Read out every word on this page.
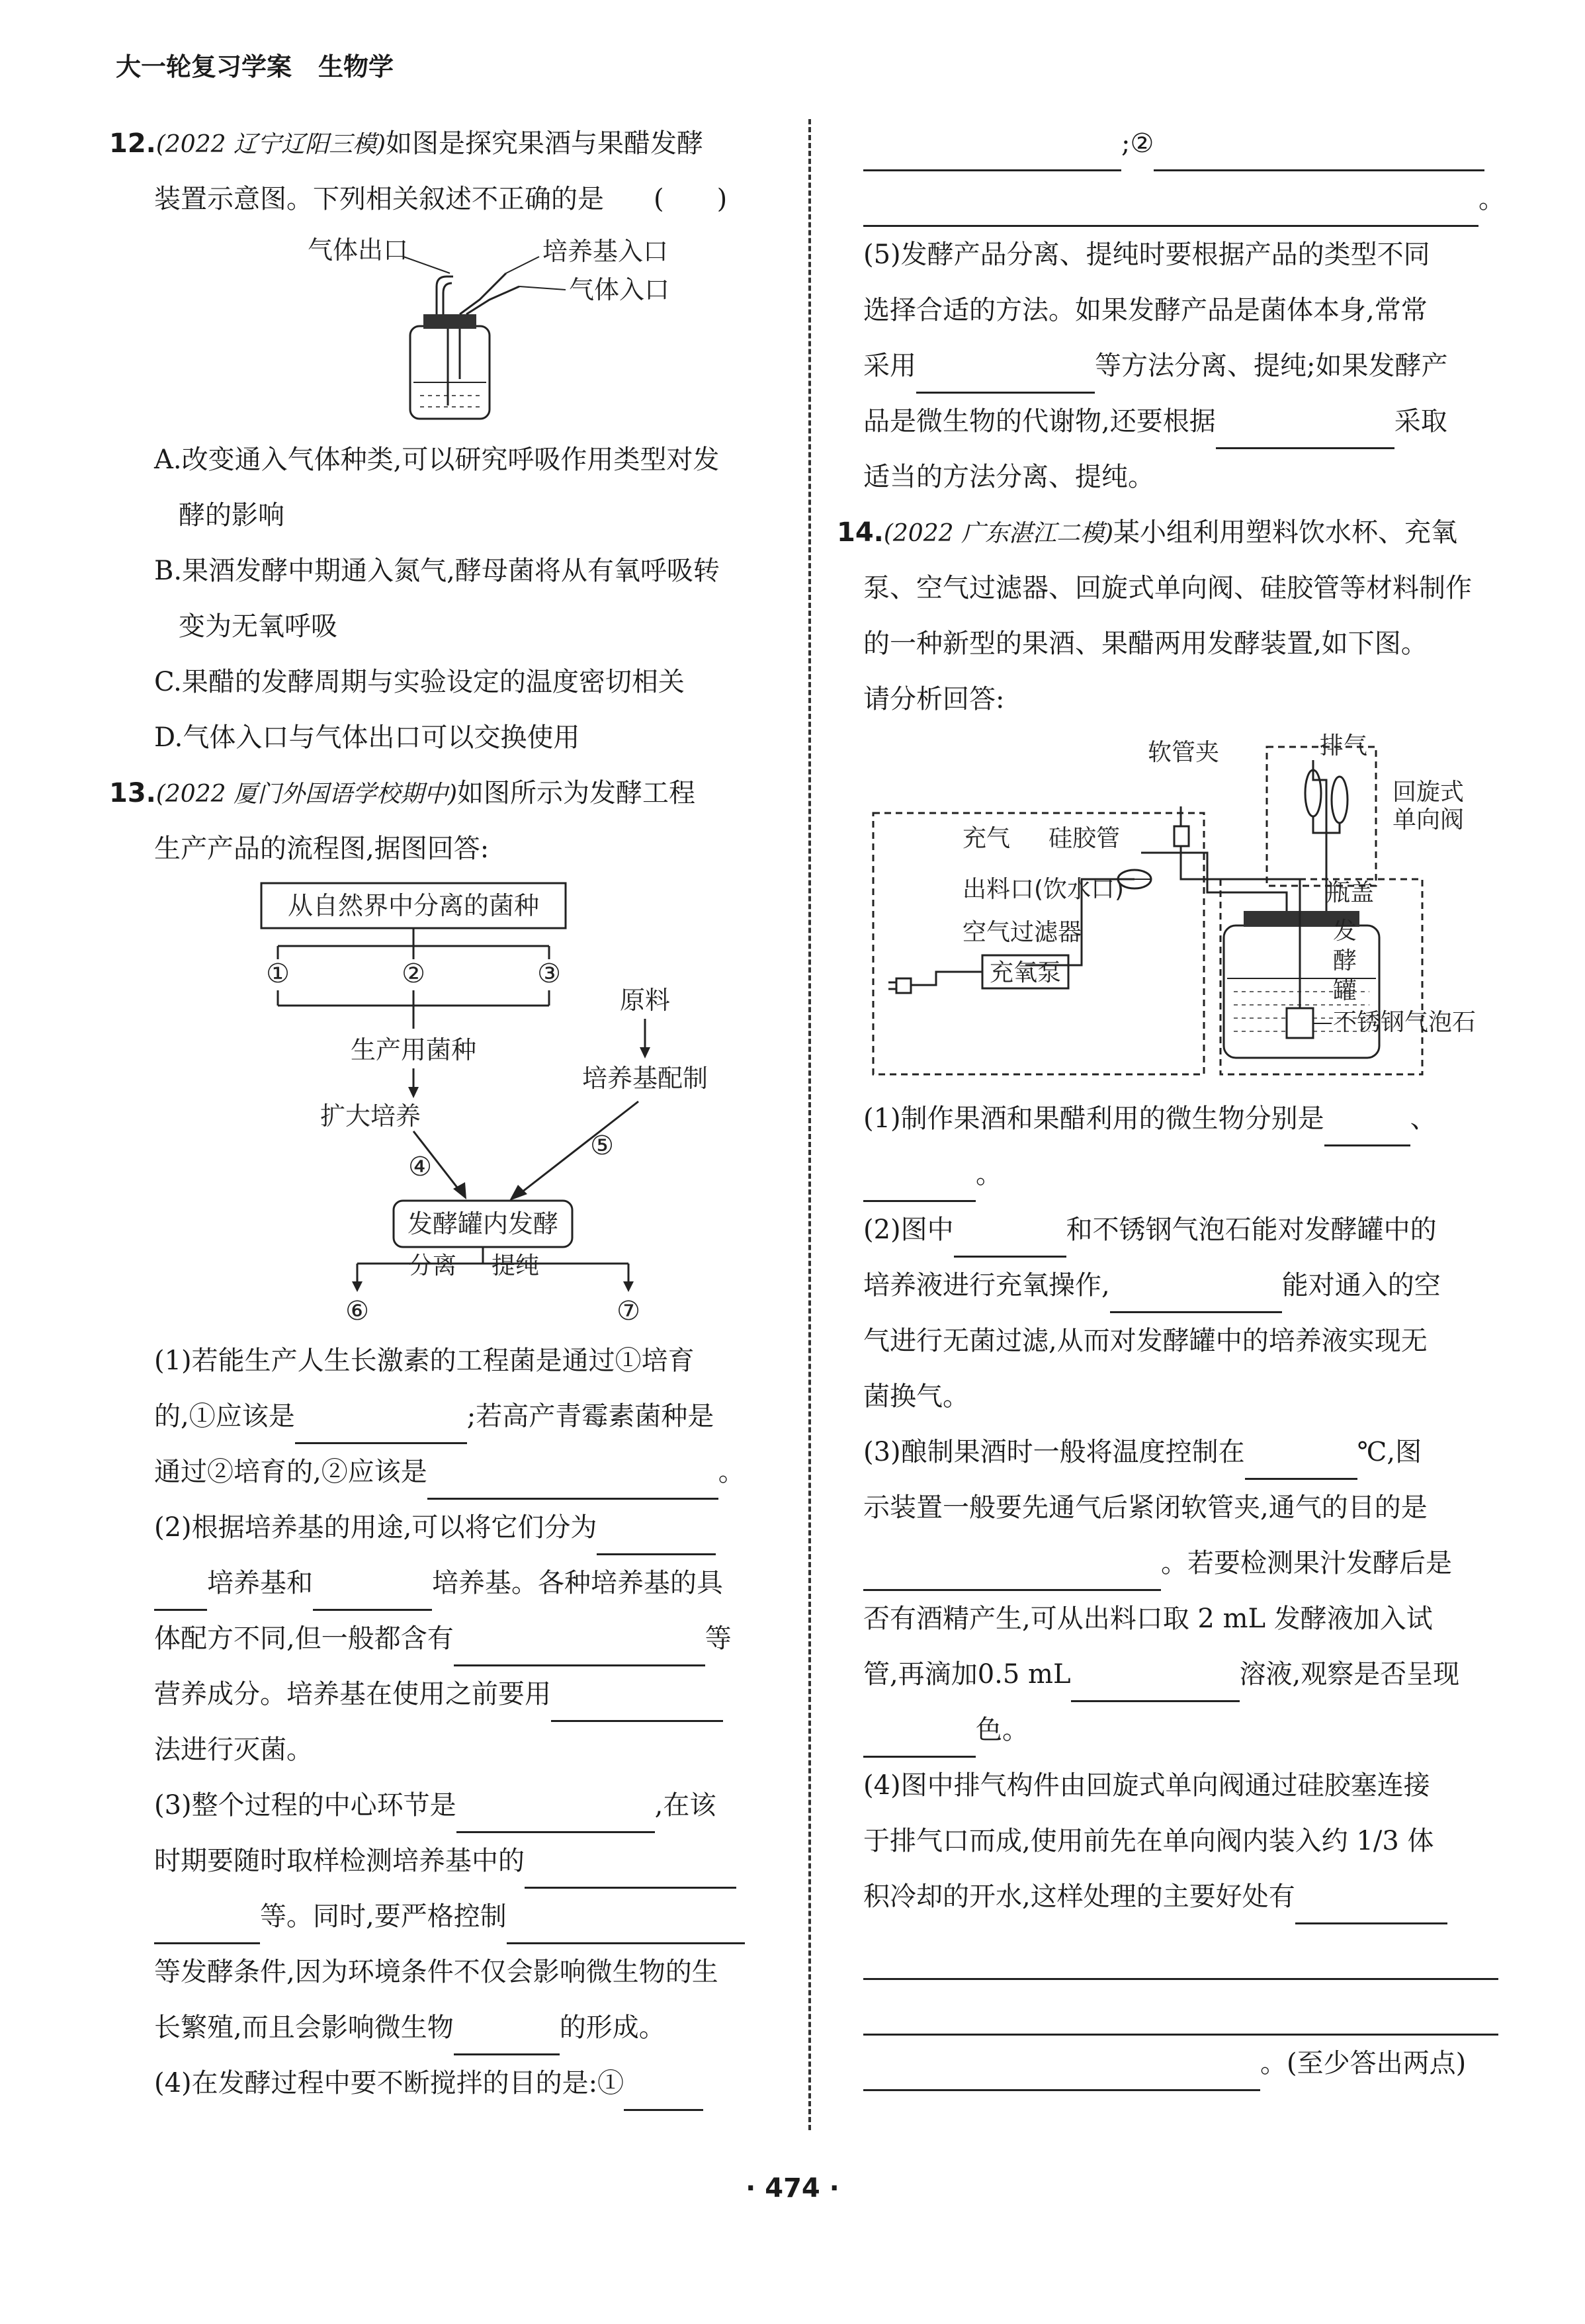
大一轮复习学案 生物学
12.(2022 辽宁辽阳三模)如图是探究果酒与果醋发酵
装置示意图。下列相关叙述不正确的是 (　　)
气体出口	培养基入口
气体入口
A.改变通入气体种类,可以研究呼吸作用类型对发
酵的影响
B.果酒发酵中期通入氮气,酵母菌将从有氧呼吸转
变为无氧呼吸
C.果醋的发酵周期与实验设定的温度密切相关
D.气体入口与气体出口可以交换使用
13.(2022 厦门外国语学校期中)如图所示为发酵工程
生产产品的流程图,据图回答:
从自然界中分离的菌种
①	②	③
原料
生产用菌种
培养基配制
扩大培养
④
⑤
发酵罐内发酵
分离 提纯
⑥	⑦
(1)若能生产人生长激素的工程菌是通过①培育
的,①应该是	;若高产青霉素菌种是
通过②培育的,②应该是	。
(2)根据培养基的用途,可以将它们分为
培养基和	培养基。各种培养基的具
体配方不同,但一般都含有	等
营养成分。培养基在使用之前要用
法进行灭菌。
(3)整个过程的中心环节是	,在该
时期要随时取样检测培养基中的
等。同时,要严格控制
等发酵条件,因为环境条件不仅会影响微生物的生
长繁殖,而且会影响微生物	的形成。
(4)在发酵过程中要不断搅拌的目的是:①
;②
。
(5)发酵产品分离、提纯时要根据产品的类型不同
选择合适的方法。如果发酵产品是菌体本身,常常
采用	等方法分离、提纯;如果发酵产
品是微生物的代谢物,还要根据	采取
适当的方法分离、提纯。
14.(2022 广东湛江二模)某小组利用塑料饮水杯、充氧
泵、空气过滤器、回旋式单向阀、硅胶管等材料制作
的一种新型的果酒、果醋两用发酵装置,如下图。
请分析回答:
软管夹	排气
回旋式
单向阀
充气 硅胶管
出料口(饮水口)
空气过滤器
充氧泵
瓶盖
发
酵
罐
不锈钢气泡石
(1)制作果酒和果醋利用的微生物分别是	、
。
(2)图中	和不锈钢气泡石能对发酵罐中的
培养液进行充氧操作,	能对通入的空
气进行无菌过滤,从而对发酵罐中的培养液实现无
菌换气。
(3)酿制果酒时一般将温度控制在	℃,图
示装置一般要先通气后紧闭软管夹,通气的目的是
。若要检测果汁发酵后是
否有酒精产生,可从出料口取 2 mL 发酵液加入试
管,再滴加0.5 mL	溶液,观察是否呈现
色。
(4)图中排气构件由回旋式单向阀通过硅胶塞连接
于排气口而成,使用前先在单向阀内装入约 1/3 体
积冷却的开水,这样处理的主要好处有
。(至少答出两点)
· 474 ·
